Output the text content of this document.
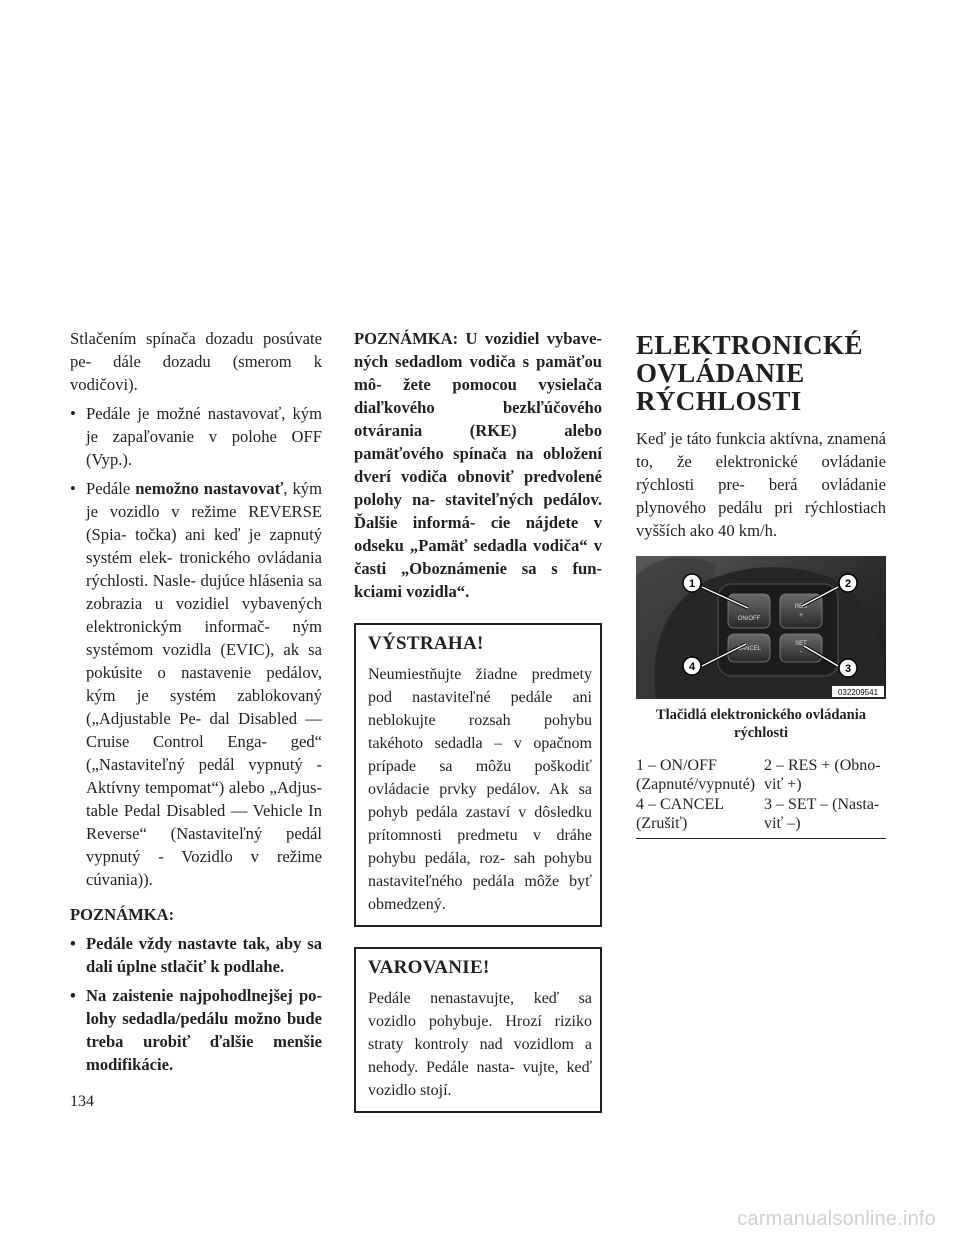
Stlačením spínača dozadu posúvate pe- dále dozadu (smerom k vodičovi).

• Pedále je možné nastavovať, kým je zapaľovanie v polohe OFF (Vyp.).
• Pedále nemožno nastavovať, kým je vozidlo v režime REVERSE (Spia- točka) ani keď je zapnutý systém elek- tronického ovládania rýchlosti. Nasle- dujúce hlásenia sa zobrazia u vozidiel vybavených elektronickým informač- ným systémom vozidla (EVIC), ak sa pokúsite o nastavenie pedálov, kým je systém zablokovaný („Adjustable Pe- dal Disabled — Cruise Control Enga- ged“ („Nastaviteľný pedál vypnutý - Aktívny tempomat“) alebo „Adjus- table Pedal Disabled — Vehicle In Reverse“ (Nastaviteľný pedál vypnutý - Vozidlo v režime cúvania)).
POZNÁMKA:
• Pedále vždy nastavte tak, aby sa dali úplne stlačiť k podlahe.
• Na zaistenie najpohodlnejšej po- lohy sedadla/pedálu možno bude treba urobiť ďalšie menšie modifikácie.

POZNÁMKA: U vozidiel vybave- ných sedadlom vodiča s pamäťou mô- žete pomocou vysielača diaľkového bezkľúčového otvárania (RKE) alebo pamäťového spínača na obložení dverí vodiča obnoviť predvolené polohy na- staviteľných pedálov. Ďalšie informá- cie nájdete v odseku „Pamäť sedadla vodiča“ v časti „Oboznámenie sa s fun- kciami vozidla“.

VÝSTRAHA!

Neumiestňujte žiadne predmety pod nastaviteľné pedále ani neblokujte rozsah pohybu takéhoto sedadla – v opačnom prípade sa môžu poškodiť ovládacie prvky pedálov. Ak sa pohyb pedála zastaví v dôsledku prítomnosti predmetu v dráhe pohybu pedála, roz- sah pohybu nastaviteľného pedála môže byť obmedzený.

VAROVANIE!

Pedále nenastavujte, keď sa vozidlo pohybuje. Hrozí riziko straty kontroly nad vozidlom a nehody. Pedále nasta- vujte, keď vozidlo stojí.

ELEKTRONICKÉ
OVLÁDANIE
RÝCHLOSTI

Keď je táto funkcia aktívna, znamená to, že elektronické ovládanie rýchlosti pre- berá ovládanie plynového pedálu pri rýchlostiach vyšších ako 40 km/h.

ON/OFF
RES
+
CANCEL
SET
-
1	2
3
4
032209541
Tlačidlá elektronického ovládania rýchlosti
1 – ON/OFF (Zapnuté/vypnuté)
2 – RES + (Obno- viť +)
4 – CANCEL (Zrušiť)
3 – SET – (Nasta- viť –)
134
carmanualsonline.info
